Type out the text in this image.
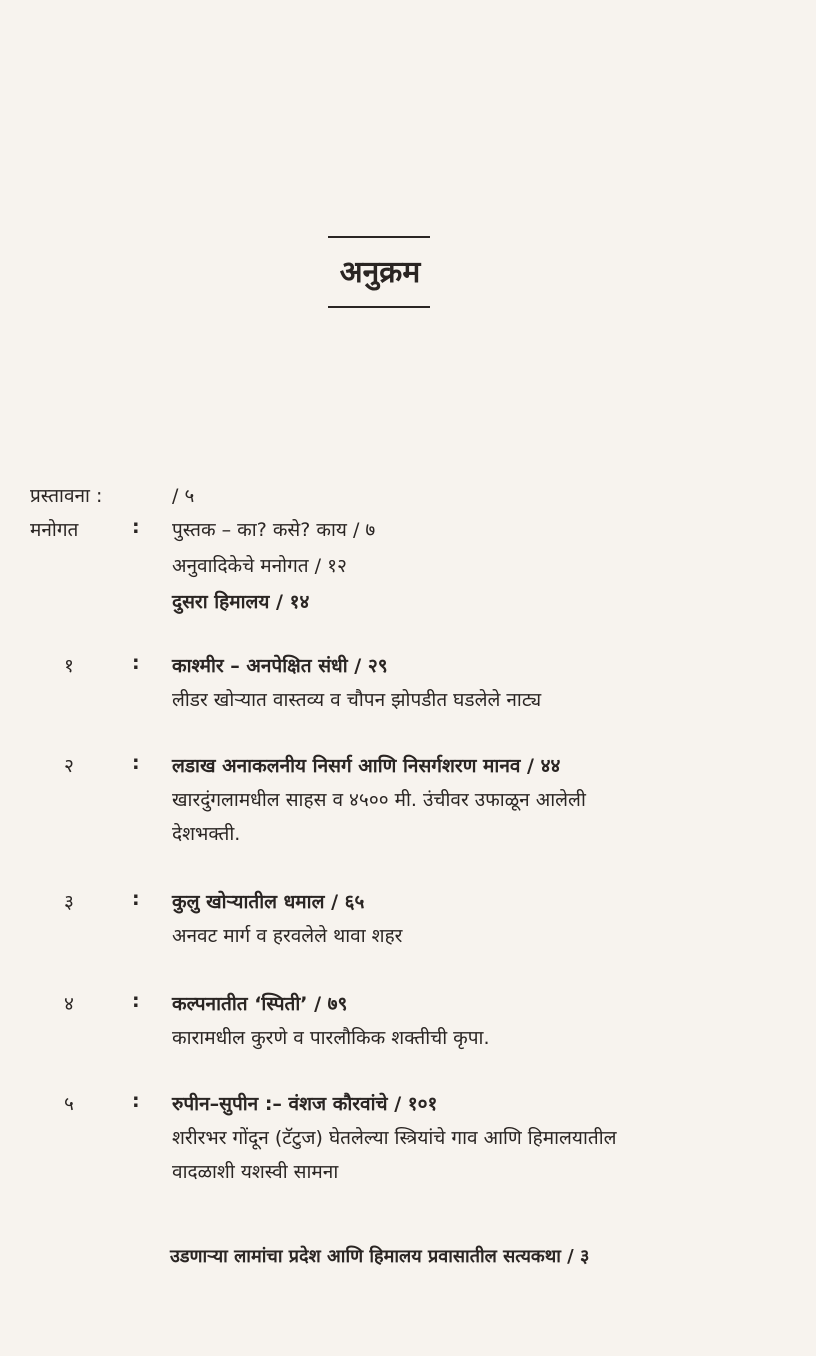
अनुक्रम
प्रस्तावना :	/ ५
मनोगत	: पुस्तक – का? कसे? काय / ७
अनुवादिकेचे मनोगत / १२
दुसरा हिमालय / १४
१	: काश्मीर – अनपेक्षित संधी / २९
लीडर खोऱ्यात वास्तव्य व चौपन झोपडीत घडलेले नाट्य
२	: लडाख अनाकलनीय निसर्ग आणि निसर्गशरण मानव / ४४
खारदुंगलामधील साहस व ४५०० मी. उंचीवर उफाळून आलेली
देशभक्ती.
३	: कुलु खोऱ्यातील धमाल / ६५
अनवट मार्ग व हरवलेले थावा शहर
४	: कल्पनातीत ‘स्पिती’ / ७९
कारामधील कुरणे व पारलौकिक शक्तीची कृपा.
५	: रुपीन–सुपीन :– वंशज कौरवांचे / १०१
शरीरभर गोंदून (टॅटुज) घेतलेल्या स्त्रियांचे गाव आणि हिमालयातील
वादळाशी यशस्वी सामना
उडणाऱ्या लामांचा प्रदेश आणि हिमालय प्रवासातील सत्यकथा / ३
